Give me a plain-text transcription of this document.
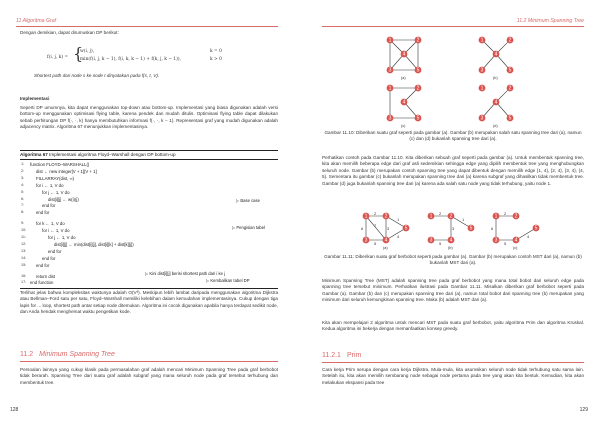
11 Algoritma Graf
Dengan demikian, dapat dirumuskan DP berikut:
f(i, j, k) = {
w(i, j),	k = 0
min(f(i, j, k − 1), f(i, k, k − 1) + f(k, j, k − 1)),	k > 0
Shortest path dari node s ke node t dinyatakan pada f(s, t, V).
Implementasi
Seperti DP umumnya, kita dapat menggunakan top-down atau bottom-up. Implementasi yang biasa digunakan adalah versi bottom-up menggunakan optimisasi flying table, karena pendek dan mudah ditulis. Optimisasi flying table dapat dilakukan sebab perhitungan DP f(·, ·, k) hanya membutuhkan informasi f(·, ·, k − 1). Representasi graf yang mudah digunakan adalah adjacency matrix. Algoritma 67 menunjukkan implementasinya.
Algoritma 67 Implementasi algoritma Floyd–Warshall dengan DP bottom-up
1: function FLOYD–WARSHALL()
2:	dist ← new integer[V + 1][V + 1]
3:	FILLARRAY(dist, ∞)
4:	for i ← 1, V do
5:	for j ← 1, V do
6:	dist[i][j] ← w(i)(j)
7:	end for
8:	end for
9:	for k ← 1, V do
10:	for i ← 1, V do
11:	for j ← 1, V do
12:	dist[i][j] ← min(dist[i][j], dist[i][k] + dist[k][j])
13:	end for
14:	end for
15: end for
16: return dist
17: end function
▷ Base case
▷ Pengisian tabel
▷ Kini dist[i][j] berisi shortest path dari i ke j
▷ Kembalikan tabel DP
Terlihat jelas bahwa kompleksitas waktunya adalah O(V³). Meskipun lebih lambat daripada menggunakan algoritma Dijkstra atau Bellman–Ford satu per satu, Floyd–Warshall memiliki kelebihan dalam kemudahan implementasinya. Cukup dengan tiga lapis for ... loop, shortest path antar setiap node ditemukan. Algoritma ini cocok digunakan apabila hanya terdapat sedikit node, dan Anda hendak menghemat waktu pengetikan kode.
11.2 Minimum Spanning Tree
Persoalan lainnya yang cukup klasik pada permasalahan graf adalah mencari Minimum Spanning Tree pada graf berbobot tidak berarah. Spanning Tree dari suatu graf adalah subgraf yang mana seluruh node pada graf tersebut terhubung dan membentuk tree.
128
11.2 Minimum Spanning Tree
1	2
4
3	5
(a)
1	2
4
3	5
(b)
1	2
4
3	5
(c)
1	2
4
3	5
(d)
Gambar 11.10: Diberikan suatu graf seperti pada gambar (a). Gambar (b) merupakan salah satu spanning tree dari (a), namun (c) dan (d) bukanlah spanning tree dari (a).
Perhatikan contoh pada Gambar 11.10. Kita diberikan sebuah graf seperti pada gambar (a). Untuk membentuk spanning tree, kita akan memilih beberapa edge dari graf asli sedemikian sehingga edge yang dipilih membentuk tree yang menghubungkan seluruh node. Gambar (b) merupakan contoh spanning tree yang dapat dibentuk dengan memilih edge {1, 4}, {2, 4}, {3, 4}, {4, 5}. Sementara itu gambar (c) bukanlah merupakan spanning tree dari (a) karena subgraf yang dihasilkan tidak membentuk tree. Gambar (d) juga bukanlah spanning tree dari (a) karena ada salah satu node yang tidak terhubung, yaitu node 1.
2
6	3
5
1
4
7
1	2
3	4
5
(a)
2
3
5
1
1	2
3	4
5
(b)
2
6
5
4
1	2
3	4
5
(c)
Gambar 11.11: Diberikan suatu graf berbobot seperti pada gambar (a). Gambar (b) merupakan contoh MST dari (a), namun (b) bukanlah MST dari (a).
Minimum Spanning Tree (MST) adalah spanning tree pada graf berbobot yang mana total bobot dari seluruh edge pada spanning tree tersebut minimum. Perhatikan ilustrasi pada Gambar 11.11. Misalkan diberikan graf berbobot seperti pada Gambar (a). Gambar (b) dan (c) merupakan spanning tree dari (a), namun total bobot dari spanning tree (b) merupakan yang minimum dari seluruh kemungkinan spanning tree. Maka (b) adalah MST dari (a).
Kita akan mempelajari 2 algoritma untuk mencari MST pada suatu graf berbobot, yaitu algoritma Prim dan algoritma Kruskal. Kedua algoritma ini bekerja dengan memanfaatkan konsep greedy.
11.2.1 Prim
Cara kerja Prim serupa dengan cara kerja Dijkstra. Mula-mula, kita asumsikan seluruh node tidak terhubung satu sama lain. Setelah itu, kita akan memilih sembarang node sebagai node pertama pada tree yang akan kita bentuk. Kemudian, kita akan melakukan ekspansi pada tree
129
